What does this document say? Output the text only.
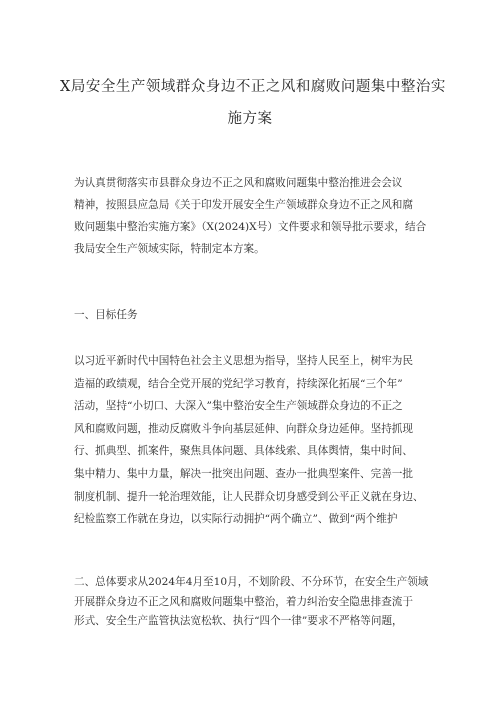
X局安全生产领域群众身边不正之风和腐败问题集中整治实
施方案
为认真贯彻落实市县群众身边不正之风和腐败问题集中整治推进会会议
精神，按照县应急局《关于印发开展安全生产领域群众身边不正之风和腐
败问题集中整治实施方案》（X(2024)X号）文件要求和领导批示要求，结合
我局安全生产领域实际，特制定本方案。
一、目标任务
以习近平新时代中国特色社会主义思想为指导，坚持人民至上，树牢为民
造福的政绩观，结合全党开展的党纪学习教育，持续深化拓展“三个年”
活动，坚持“小切口、大深入”集中整治安全生产领域群众身边的不正之
风和腐败问题，推动反腐败斗争向基层延伸、向群众身边延伸。坚持抓现
行、抓典型、抓案件，聚焦具体问题、具体线索、具体舆情，集中时间、
集中精力、集中力量，解决一批突出问题、查办一批典型案件、完善一批
制度机制、提升一轮治理效能，让人民群众切身感受到公平正义就在身边、
纪检监察工作就在身边，以实际行动拥护“两个确立”、做到“两个维护
二、总体要求从2024年4月至10月，不划阶段、不分环节，在安全生产领域
开展群众身边不正之风和腐败问题集中整治，着力纠治安全隐患排查流于
形式、安全生产监管执法宽松软、执行“四个一律”要求不严格等问题，
